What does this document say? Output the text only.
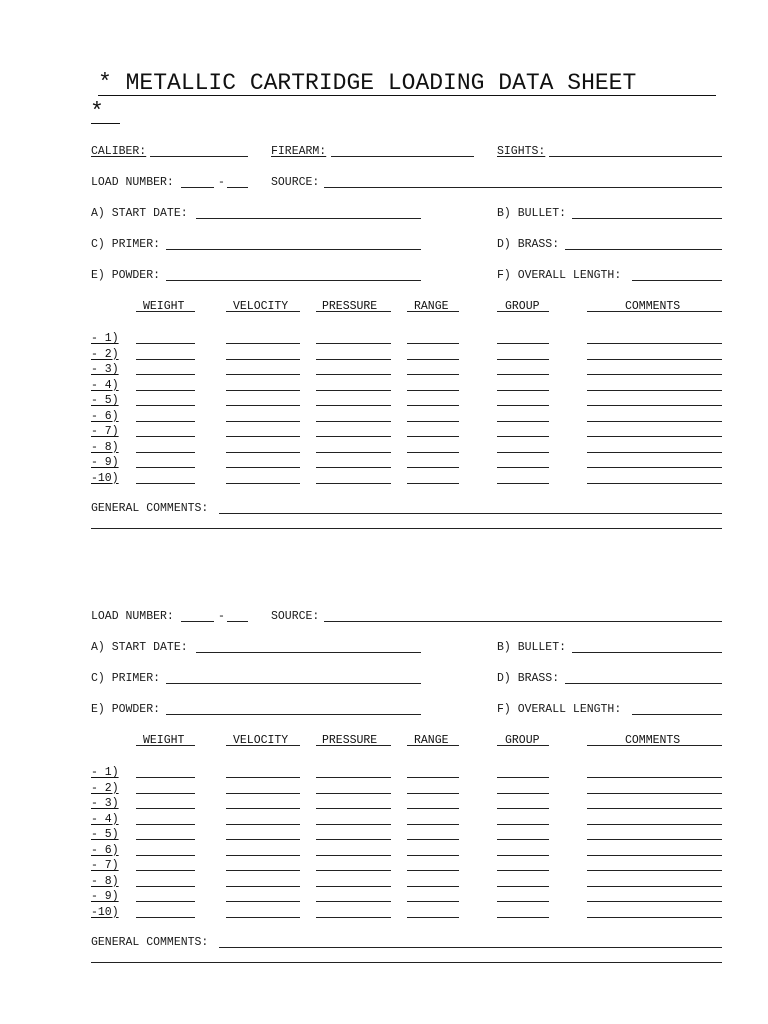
* METALLIC CARTRIDGE LOADING DATA SHEET
*
CALIBER:	FIREARM:	SIGHTS:
LOAD NUMBER:	-	SOURCE:
A) START DATE:	B) BULLET:
C) PRIMER:	D) BRASS:
E) POWDER:	F) OVERALL LENGTH:
WEIGHT	VELOCITY	PRESSURE	RANGE	GROUP	COMMENTS
- 1)
- 2)
- 3)
- 4)
- 5)
- 6)
- 7)
- 8)
- 9)
-10)
GENERAL COMMENTS:
LOAD NUMBER:	-	SOURCE:
A) START DATE:	B) BULLET:
C) PRIMER:	D) BRASS:
E) POWDER:	F) OVERALL LENGTH:
WEIGHT	VELOCITY	PRESSURE	RANGE	GROUP	COMMENTS
- 1)
- 2)
- 3)
- 4)
- 5)
- 6)
- 7)
- 8)
- 9)
-10)
GENERAL COMMENTS:
